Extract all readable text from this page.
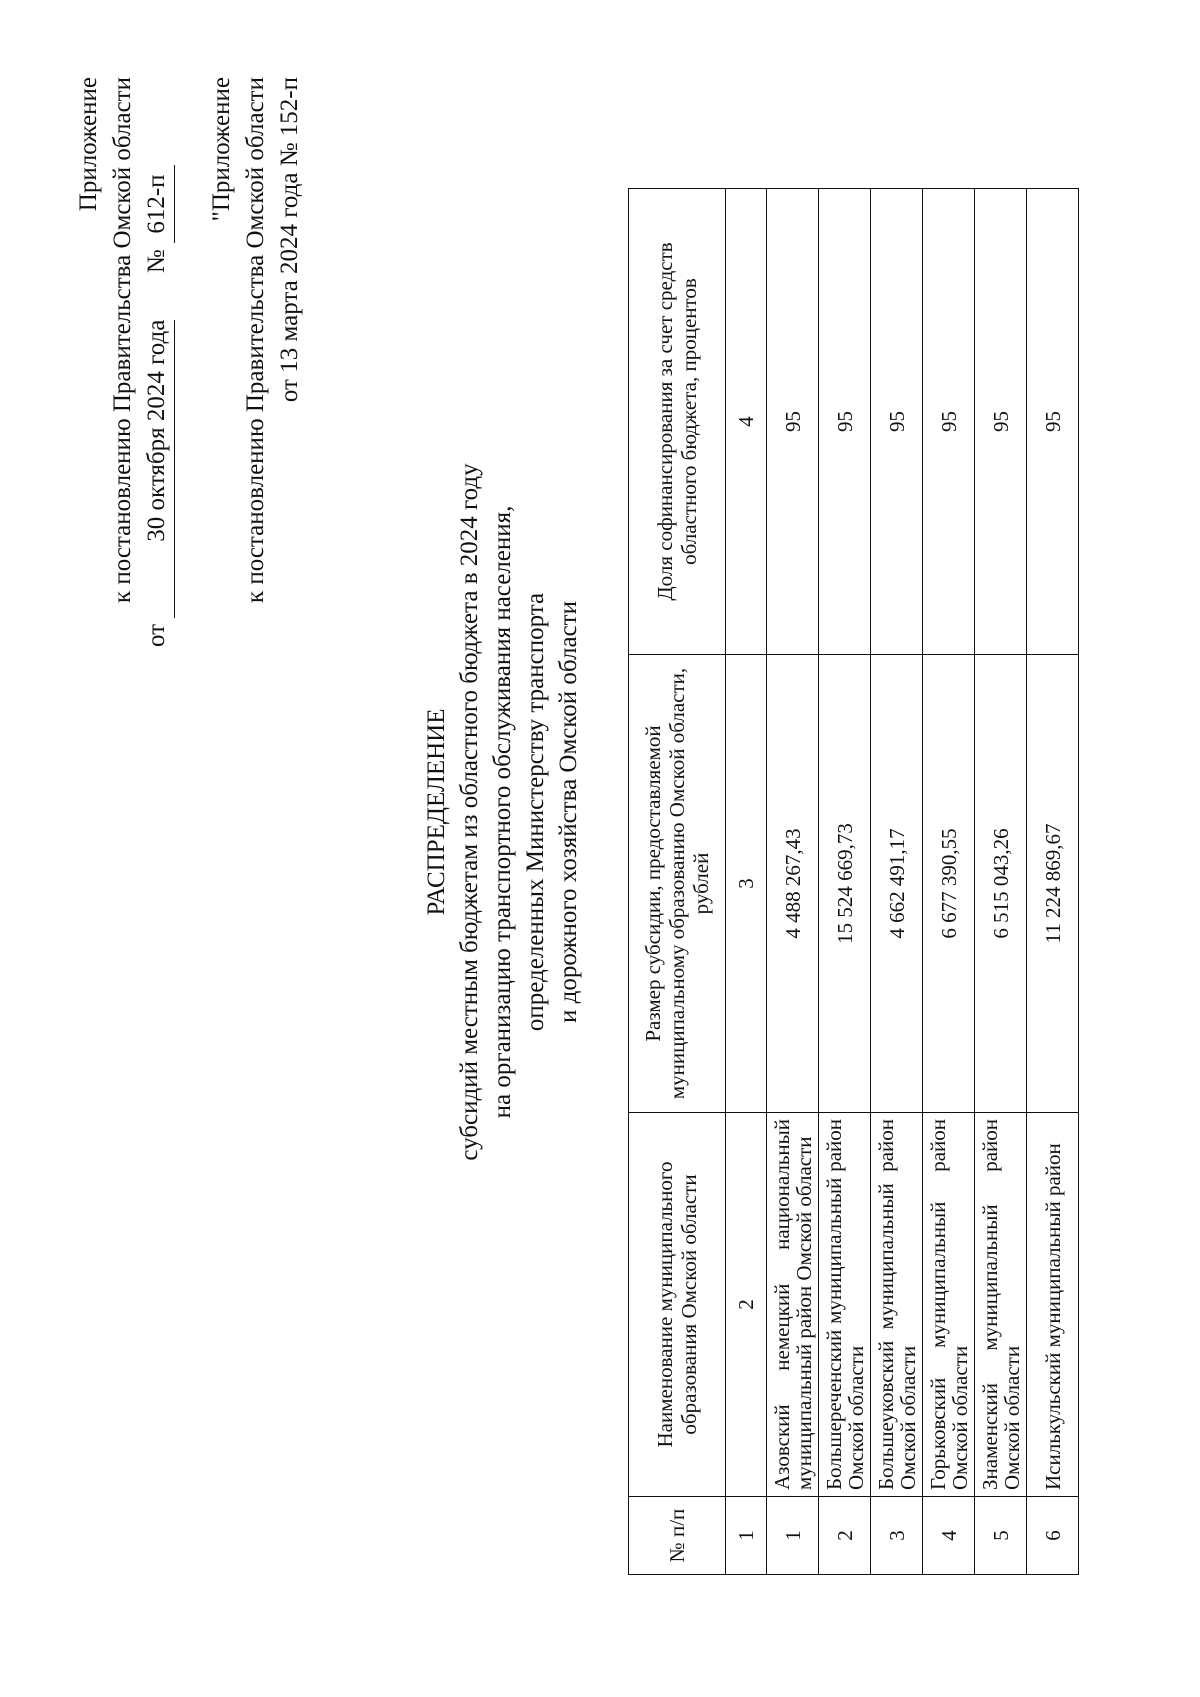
Приложение к постановлению Правительства Омской области
от 30 октября 2024 года  № 612-п "Приложение к постановлению Правительства Омской области от 13 марта 2024 года № 152-п
РАСПРЕДЕЛЕНИЕ субсидий местным бюджетам из областного бюджета в 2024 году на организацию транспортного обслуживания населения, определенных Министерству транспорта и дорожного хозяйства Омской области
№ п/п	Наименование муниципального образования Омской области	Размер субсидии, предоставляемой муниципальному образованию Омской области, рублей	Доля софинансирования за счет средств областного бюджета, процентов
1	2	3	4
1	Азовский немецкий национальный муниципальный район Омской области	4 488 267,43	95
2	Большереченский муниципальный район Омской области	15 524 669,73	95
3	Большеуковский муниципальный район Омской области	4 662 491,17	95
4	Горьковский муниципальный район Омской области	6 677 390,55	95
5	Знаменский муниципальный район Омской области	6 515 043,26	95
6	Исилькульский муниципальный район	11 224 869,67	95
